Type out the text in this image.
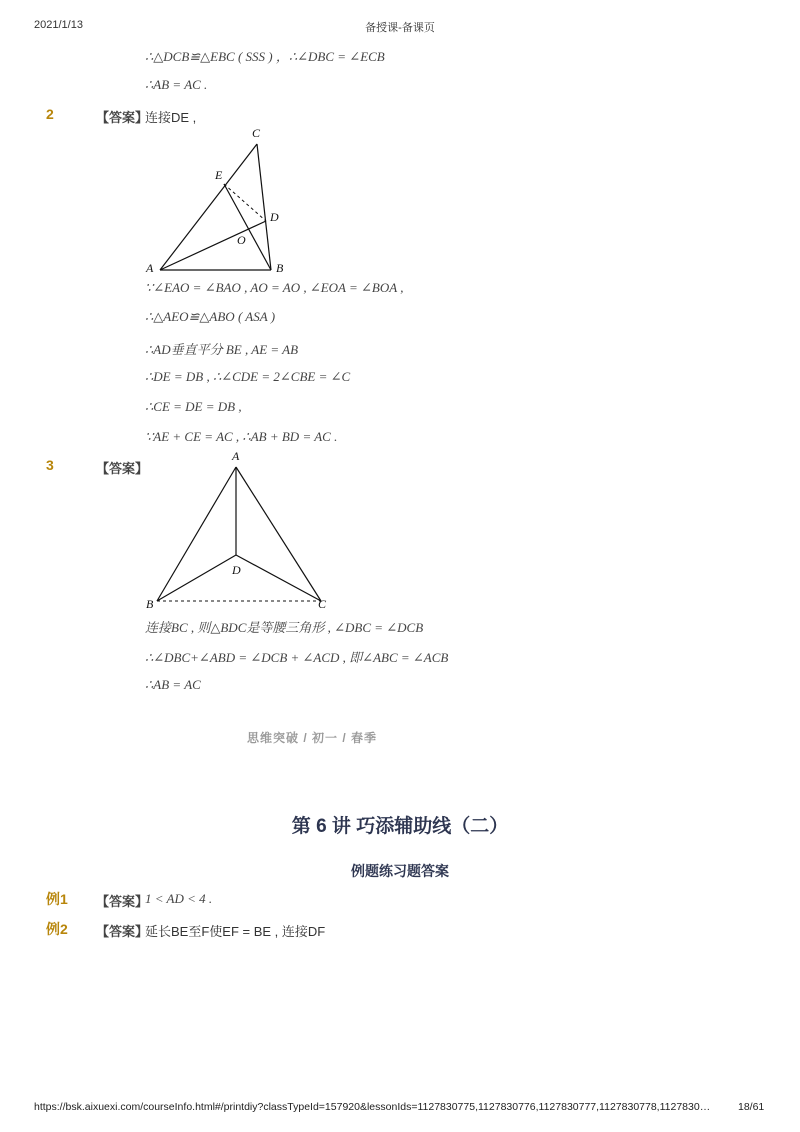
2021/1/13	备授课-备课页
∴△DCB≌△EBC ( SSS ) ，∴∠DBC = ∠ECB
∴AB = AC .
2	【答案】
连接DE ,
C
E
D
O
A	B
∵∠EAO = ∠BAO , AO = AO , ∠EOA = ∠BOA ,
∴△AEO≌△ABO ( ASA )
∴AD垂直平分 BE , AE = AB
∴DE = DB , ∴∠CDE = 2∠CBE = ∠C
∴CE = DE = DB ,
∵AE + CE = AC , ∴AB + BD = AC .
3	【答案】
A
D
B	C
连接BC , 则△BDC是等腰三角形 , ∠DBC = ∠DCB
∴∠DBC+∠ABD = ∠DCB + ∠ACD , 即∠ABC = ∠ACB
∴AB = AC
思维突破 / 初一 / 春季
第 6 讲 巧添辅助线（二）
例题练习题答案
例1 【答案】
1 < AD < 4 .
例2 【答案】
延长BE至F使EF = BE , 连接DF
https://bsk.aixuexi.com/courseInfo.html#/printdiy?classTypeId=157920&lessonIds=1127830775,1127830776,1127830777,1127830778,1127830…	18/61
